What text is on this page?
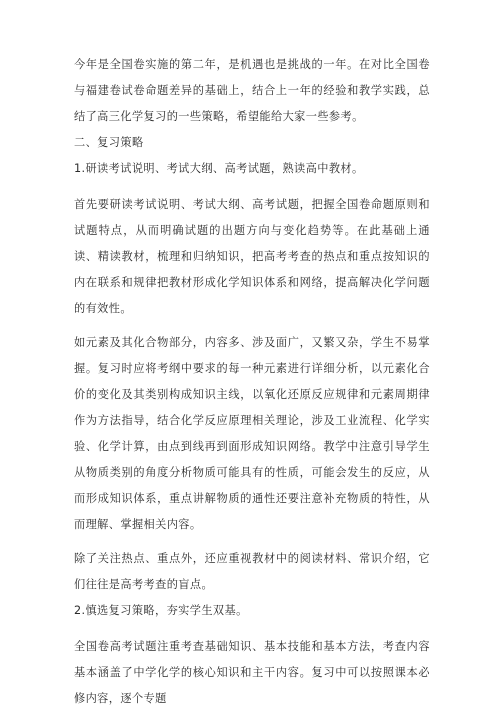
今年是全国卷实施的第二年，是机遇也是挑战的一年。在对比全国卷与福建卷试卷命题差异的基础上，结合上一年的经验和教学实践，总结了高三化学复习的一些策略，希望能给大家一些参考。

二、复习策略

1.研读考试说明、考试大纲、高考试题，熟读高中教材。

首先要研读考试说明、考试大纲、高考试题，把握全国卷命题原则和试题特点，从而明确试题的出题方向与变化趋势等。在此基础上通读、精读教材，梳理和归纳知识，把高考考查的热点和重点按知识的内在联系和规律把教材形成化学知识体系和网络，提高解决化学问题的有效性。

如元素及其化合物部分，内容多、涉及面广，又繁又杂，学生不易掌握。复习时应将考纲中要求的每一种元素进行详细分析，以元素化合价的变化及其类别构成知识主线，以氧化还原反应规律和元素周期律作为方法指导，结合化学反应原理相关理论，涉及工业流程、化学实验、化学计算，由点到线再到面形成知识网络。教学中注意引导学生从物质类别的角度分析物质可能具有的性质，可能会发生的反应，从而形成知识体系，重点讲解物质的通性还要注意补充物质的特性，从而理解、掌握相关内容。

除了关注热点、重点外，还应重视教材中的阅读材料、常识介绍，它们往往是高考考查的盲点。

2.慎选复习策略，夯实学生双基。

全国卷高考试题注重考查基础知识、基本技能和基本方法，考查内容基本涵盖了中学化学的核心知识和主干内容。复习中可以按照课本必修内容，逐个专题
